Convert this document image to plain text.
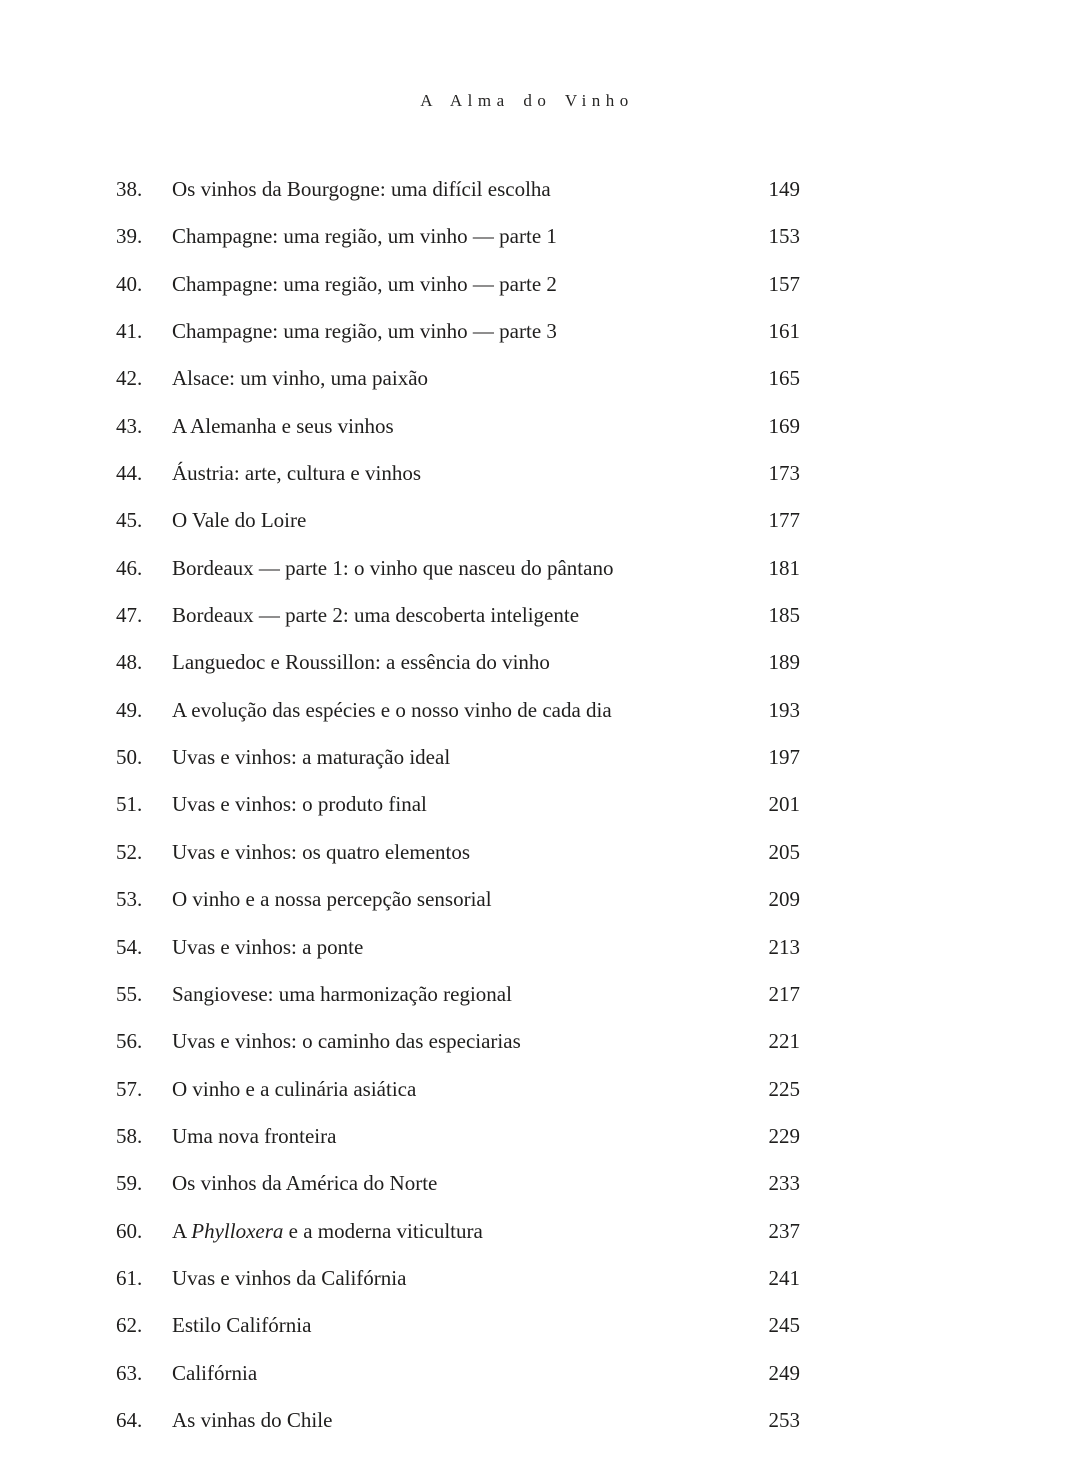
A Alma do Vinho
38.	Os vinhos da Bourgogne: uma difícil escolha	149
39.	Champagne: uma região, um vinho — parte 1	153
40.	Champagne: uma região, um vinho — parte 2	157
41.	Champagne: uma região, um vinho — parte 3	161
42.	Alsace: um vinho, uma paixão	165
43.	A Alemanha e seus vinhos	169
44.	Áustria: arte, cultura e vinhos	173
45.	O Vale do Loire	177
46.	Bordeaux — parte 1: o vinho que nasceu do pântano	181
47.	Bordeaux — parte 2: uma descoberta inteligente	185
48.	Languedoc e Roussillon: a essência do vinho	189
49.	A evolução das espécies e o nosso vinho de cada dia	193
50.	Uvas e vinhos: a maturação ideal	197
51.	Uvas e vinhos: o produto final	201
52.	Uvas e vinhos: os quatro elementos	205
53.	O vinho e a nossa percepção sensorial	209
54.	Uvas e vinhos: a ponte	213
55.	Sangiovese: uma harmonização regional	217
56.	Uvas e vinhos: o caminho das especiarias	221
57.	O vinho e a culinária asiática	225
58.	Uma nova fronteira	229
59.	Os vinhos da América do Norte	233
60.	A Phylloxera e a moderna viticultura	237
61.	Uvas e vinhos da Califórnia	241
62.	Estilo Califórnia	245
63.	Califórnia	249
64.	As vinhas do Chile	253
